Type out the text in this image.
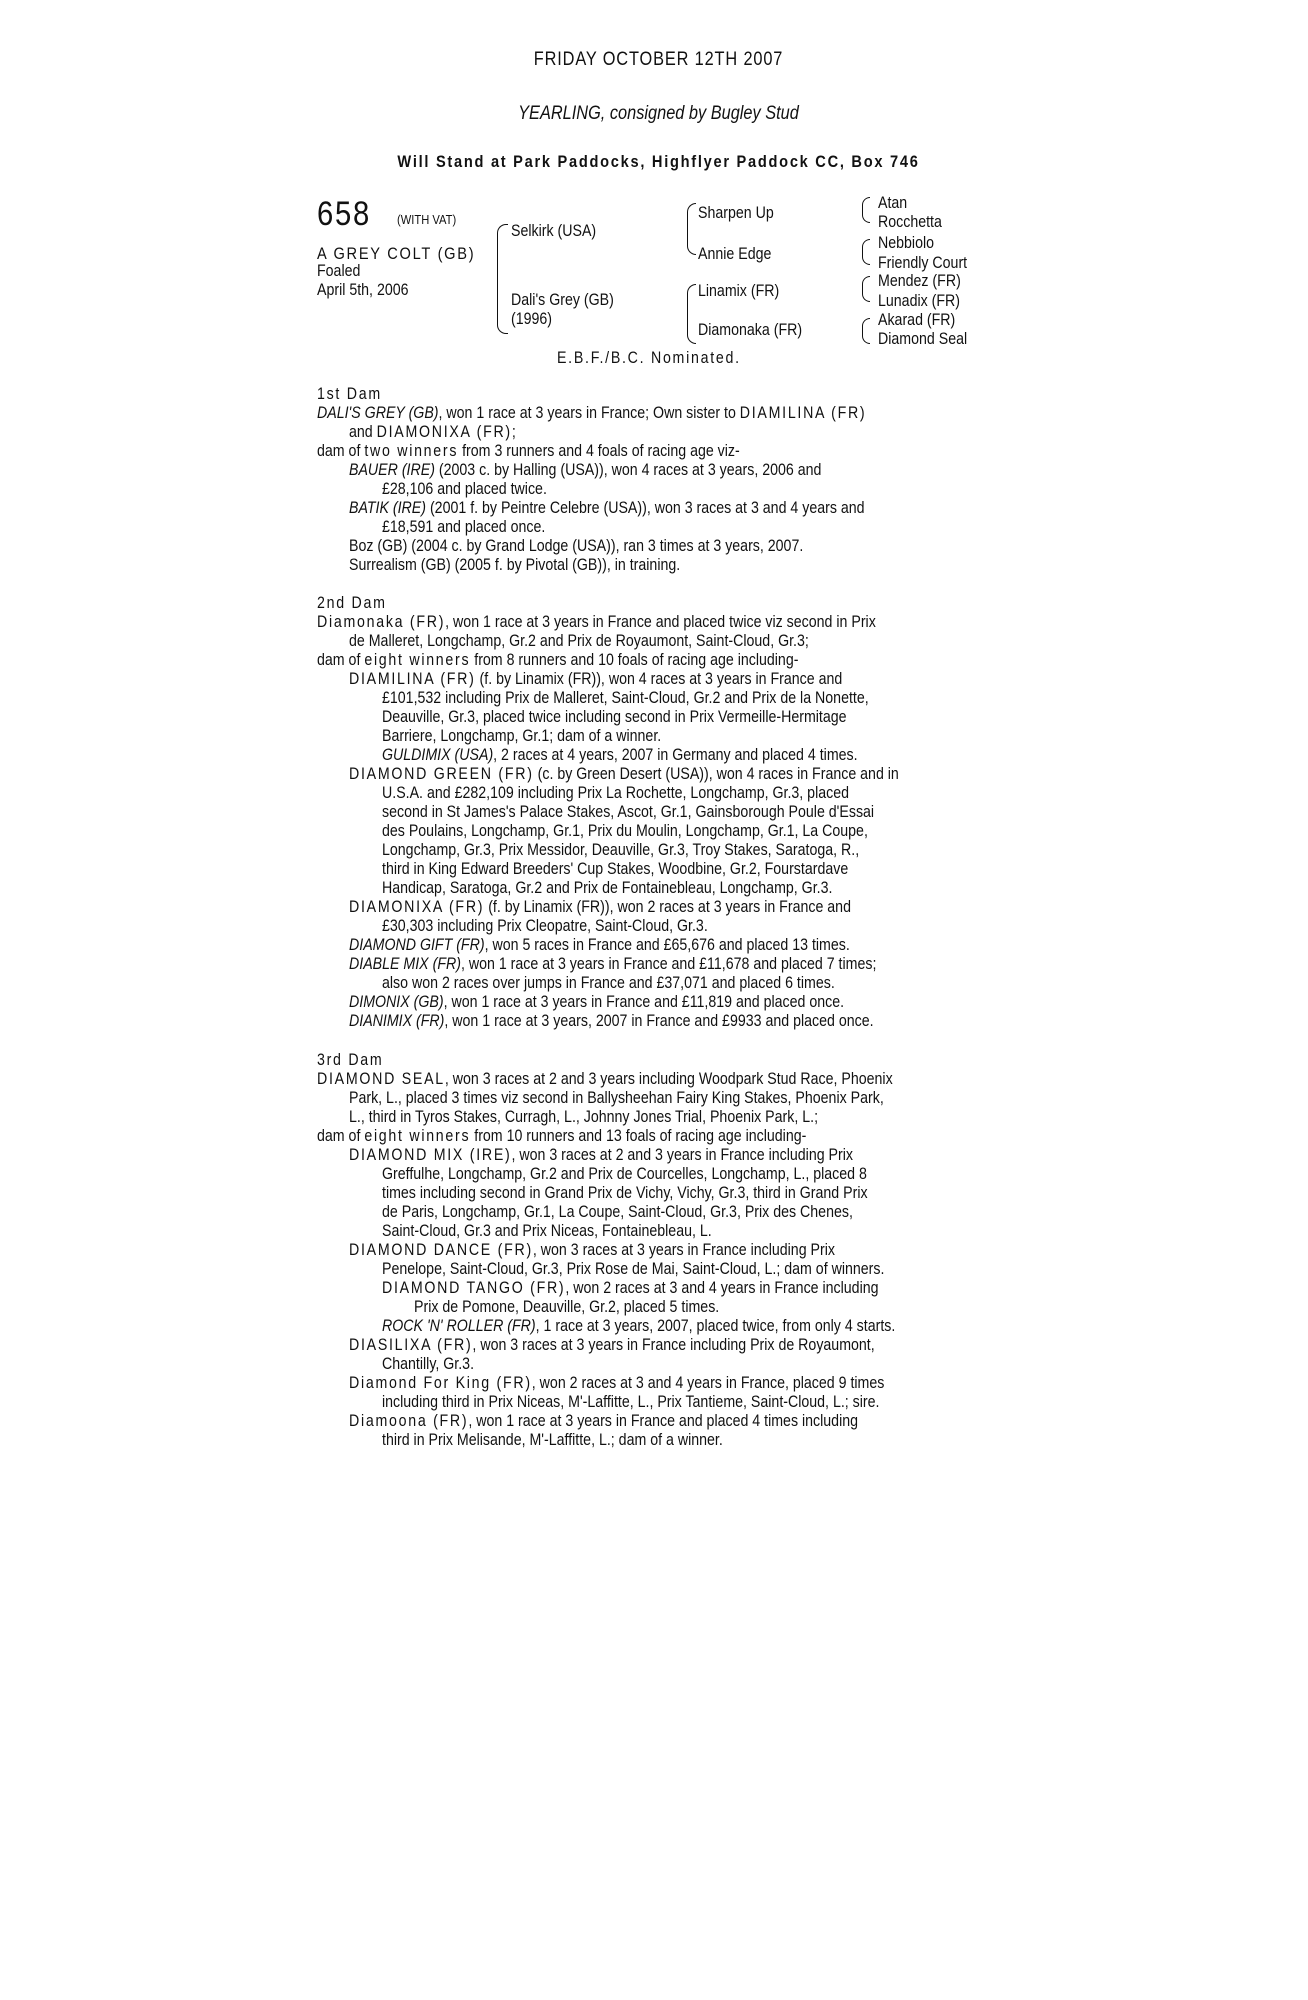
FRIDAY OCTOBER 12TH 2007
YEARLING, consigned by Bugley Stud
Will Stand at Park Paddocks, Highflyer Paddock CC, Box 746
658 (WITH VAT)
A GREY COLT (GB)
Foaled
April 5th, 2006
Selkirk (USA)
Dali's Grey (GB)
(1996)
Sharpen Up
Annie Edge
Linamix (FR)
Diamonaka (FR)
Atan
Rocchetta
Nebbiolo
Friendly Court
Mendez (FR)
Lunadix (FR)
Akarad (FR)
Diamond Seal
E.B.F./B.C. Nominated.
1st Dam
DALI'S GREY (GB), won 1 race at 3 years in France; Own sister to DIAMILINA (FR)
and DIAMONIXA (FR);
dam of two winners from 3 runners and 4 foals of racing age viz-
BAUER (IRE) (2003 c. by Halling (USA)), won 4 races at 3 years, 2006 and
£28,106 and placed twice.
BATIK (IRE) (2001 f. by Peintre Celebre (USA)), won 3 races at 3 and 4 years and
£18,591 and placed once.
Boz (GB) (2004 c. by Grand Lodge (USA)), ran 3 times at 3 years, 2007.
Surrealism (GB) (2005 f. by Pivotal (GB)), in training.
2nd Dam
Diamonaka (FR), won 1 race at 3 years in France and placed twice viz second in Prix
de Malleret, Longchamp, Gr.2 and Prix de Royaumont, Saint-Cloud, Gr.3;
dam of eight winners from 8 runners and 10 foals of racing age including-
DIAMILINA (FR) (f. by Linamix (FR)), won 4 races at 3 years in France and
£101,532 including Prix de Malleret, Saint-Cloud, Gr.2 and Prix de la Nonette,
Deauville, Gr.3, placed twice including second in Prix Vermeille-Hermitage
Barriere, Longchamp, Gr.1; dam of a winner.
GULDIMIX (USA), 2 races at 4 years, 2007 in Germany and placed 4 times.
DIAMOND GREEN (FR) (c. by Green Desert (USA)), won 4 races in France and in
U.S.A. and £282,109 including Prix La Rochette, Longchamp, Gr.3, placed
second in St James's Palace Stakes, Ascot, Gr.1, Gainsborough Poule d'Essai
des Poulains, Longchamp, Gr.1, Prix du Moulin, Longchamp, Gr.1, La Coupe,
Longchamp, Gr.3, Prix Messidor, Deauville, Gr.3, Troy Stakes, Saratoga, R.,
third in King Edward Breeders' Cup Stakes, Woodbine, Gr.2, Fourstardave
Handicap, Saratoga, Gr.2 and Prix de Fontainebleau, Longchamp, Gr.3.
DIAMONIXA (FR) (f. by Linamix (FR)), won 2 races at 3 years in France and
£30,303 including Prix Cleopatre, Saint-Cloud, Gr.3.
DIAMOND GIFT (FR), won 5 races in France and £65,676 and placed 13 times.
DIABLE MIX (FR), won 1 race at 3 years in France and £11,678 and placed 7 times;
also won 2 races over jumps in France and £37,071 and placed 6 times.
DIMONIX (GB), won 1 race at 3 years in France and £11,819 and placed once.
DIANIMIX (FR), won 1 race at 3 years, 2007 in France and £9933 and placed once.
3rd Dam
DIAMOND SEAL, won 3 races at 2 and 3 years including Woodpark Stud Race, Phoenix
Park, L., placed 3 times viz second in Ballysheehan Fairy King Stakes, Phoenix Park,
L., third in Tyros Stakes, Curragh, L., Johnny Jones Trial, Phoenix Park, L.;
dam of eight winners from 10 runners and 13 foals of racing age including-
DIAMOND MIX (IRE), won 3 races at 2 and 3 years in France including Prix
Greffulhe, Longchamp, Gr.2 and Prix de Courcelles, Longchamp, L., placed 8
times including second in Grand Prix de Vichy, Vichy, Gr.3, third in Grand Prix
de Paris, Longchamp, Gr.1, La Coupe, Saint-Cloud, Gr.3, Prix des Chenes,
Saint-Cloud, Gr.3 and Prix Niceas, Fontainebleau, L.
DIAMOND DANCE (FR), won 3 races at 3 years in France including Prix
Penelope, Saint-Cloud, Gr.3, Prix Rose de Mai, Saint-Cloud, L.; dam of winners.
DIAMOND TANGO (FR), won 2 races at 3 and 4 years in France including
Prix de Pomone, Deauville, Gr.2, placed 5 times.
ROCK 'N' ROLLER (FR), 1 race at 3 years, 2007, placed twice, from only 4 starts.
DIASILIXA (FR), won 3 races at 3 years in France including Prix de Royaumont,
Chantilly, Gr.3.
Diamond For King (FR), won 2 races at 3 and 4 years in France, placed 9 times
including third in Prix Niceas, M'-Laffitte, L., Prix Tantieme, Saint-Cloud, L.; sire.
Diamoona (FR), won 1 race at 3 years in France and placed 4 times including
third in Prix Melisande, M'-Laffitte, L.; dam of a winner.
